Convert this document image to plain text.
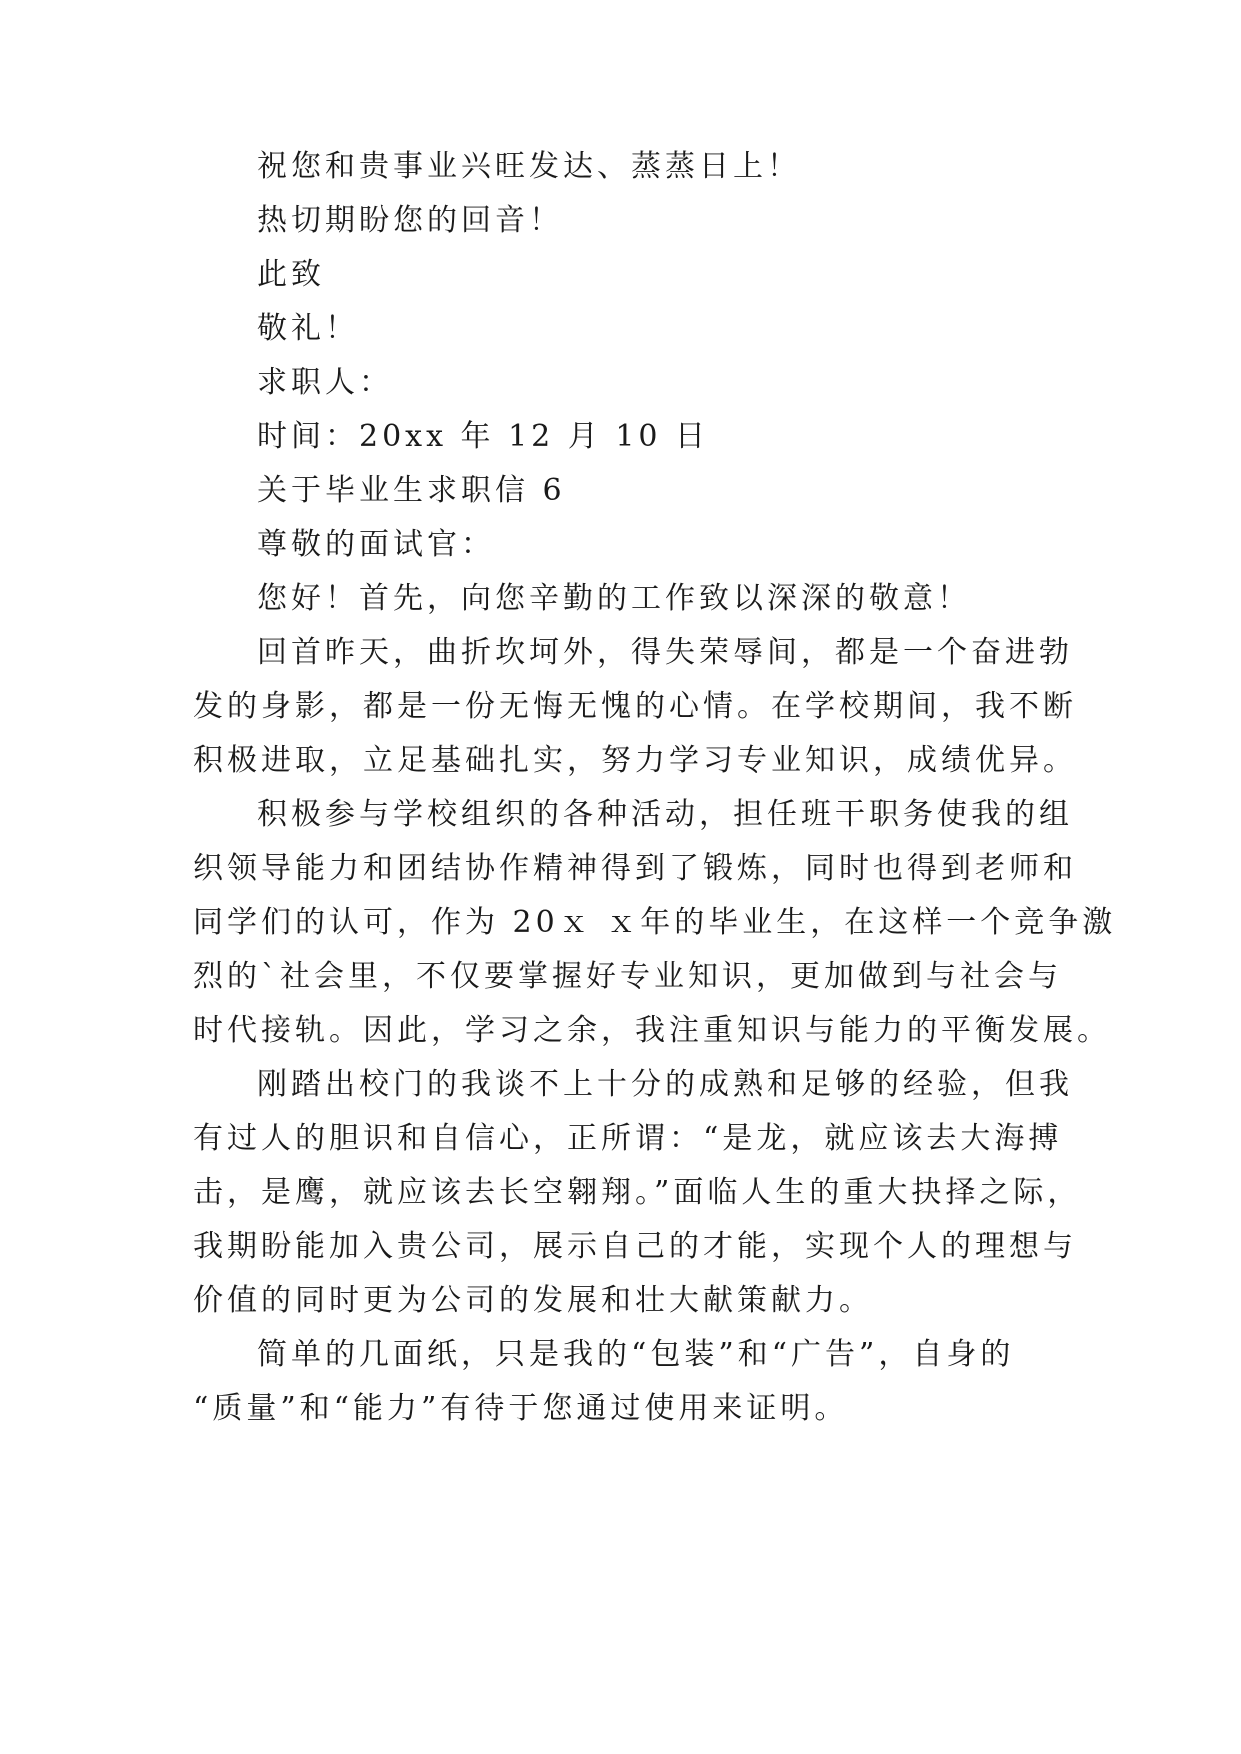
祝您和贵事业兴旺发达、蒸蒸日上！
热切期盼您的回音！
此致
敬礼！
求职人：
时间：20xx 年 12 月 10 日
关于毕业生求职信 6
尊敬的面试官：
您好！首先，向您辛勤的工作致以深深的敬意！
回首昨天，曲折坎坷外，得失荣辱间，都是一个奋进勃
发的身影，都是一份无悔无愧的心情。在学校期间，我不断
积极进取，立足基础扎实，努力学习专业知识，成绩优异。
积极参与学校组织的各种活动，担任班干职务使我的组
织领导能力和团结协作精神得到了锻炼，同时也得到老师和
同学们的认可，作为 20ｘ ｘ年的毕业生，在这样一个竞争激
烈的`社会里，不仅要掌握好专业知识，更加做到与社会与
时代接轨。因此，学习之余，我注重知识与能力的平衡发展。
刚踏出校门的我谈不上十分的成熟和足够的经验，但我
有过人的胆识和自信心，正所谓：“是龙，就应该去大海搏
击，是鹰，就应该去长空翱翔。”面临人生的重大抉择之际，
我期盼能加入贵公司，展示自己的才能，实现个人的理想与
价值的同时更为公司的发展和壮大献策献力。
简单的几面纸，只是我的“包装”和“广告”，自身的
“质量”和“能力”有待于您通过使用来证明。
